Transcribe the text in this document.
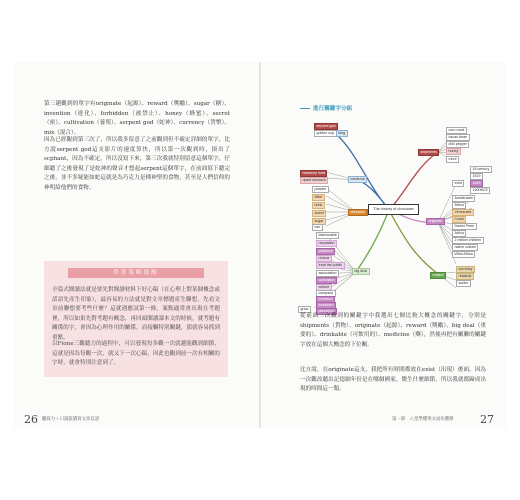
第三趟觀到的單字有originate（起源）、reward（獎勵）、sugar（糖）、invention（進化）、forbidden（被禁止）、honey（蜂蜜）、secret（密）、cultivation（養殖）、serpent god（蛇神）、currency（貨幣）、mix（混合）。
因為已經觀到第三次了，所以我多留意了之前觀到但不確定詳細的單字，比方說serpent god這支影片的速度算快，所以第一次觀到時，掛出了scphant，因為不確定，所以沒寫下來，第三次我就特別留意這個單字，仔細聽了之後發現了是蛇神的聲音才想起serpent這個單字，在前面寫下聽完之後，並不多疑能如蛇這就是為巧克力是種神聖的食物，甚至是人們信仰的神明給他們的食物。
學習策略提醒
全篇式閱讀法就是要先對閱讀材料下好心稿（在心理上對某個概念或話語先產生印象），最容易的方法就是對文章標題產生聯想，先看文章前聯想要考些什麼？這就遇應試第一條，案點適常會出現在考題裡，所以如果先對考題有概念，再回頭閱讀課本文的時候，就考題有關係的字，會因為心理作用的關係，而接觸特別關鍵，那就容易抓到重點。
以Fione三觀聽力的過程中，可以發現每多觀一次就越能觀到細節，這就是因為每觀一次，就又下一次心稿，因此也觀到前一次有相關的字時，就會特別注意到了。
26 聽寫力＋口說說讀寫文章以語
進行關鍵字分組
serpent god
golden cup	king
heavenly food
upset stomach	medicine
powder
bitter
drink
sweet
sugar
mix
drinkable
fashionable
reputation
positions
reduce
treat the public
association
cultivation
culture
company
invention
forbidden
plantation
grow
big deal
The history of chocolate
corn meal
cacao bean
chili pepper
honey
more
shipments
exist
18 century
1519
1828
1900BCE
Amsterdam
Africa
Venezuela
Coast
Daniel Peter
Africa
2 million children
native culture
West Africa
originate
currency
rewards
solder
reward
從前面三次觀到的關鍵字中我選出七個比較大概念的關鍵字，分別是shipments（貨物）、originate（起源）、reward（獎勵）、big deal（重要的）、drinkable（可飲用的）、medicine（藥），然後再把有關聯的關鍵字放在這個大概念的下位關。
比方說，在originate這支，我把所有時間都放在exist（出現）後面，因為一次觀改聽出記憶網年份是在哪個國家，微生什麼細節，所以我就都歸成出現的時間這一類。
第一部　八堂學懂英文成功選擇 27
